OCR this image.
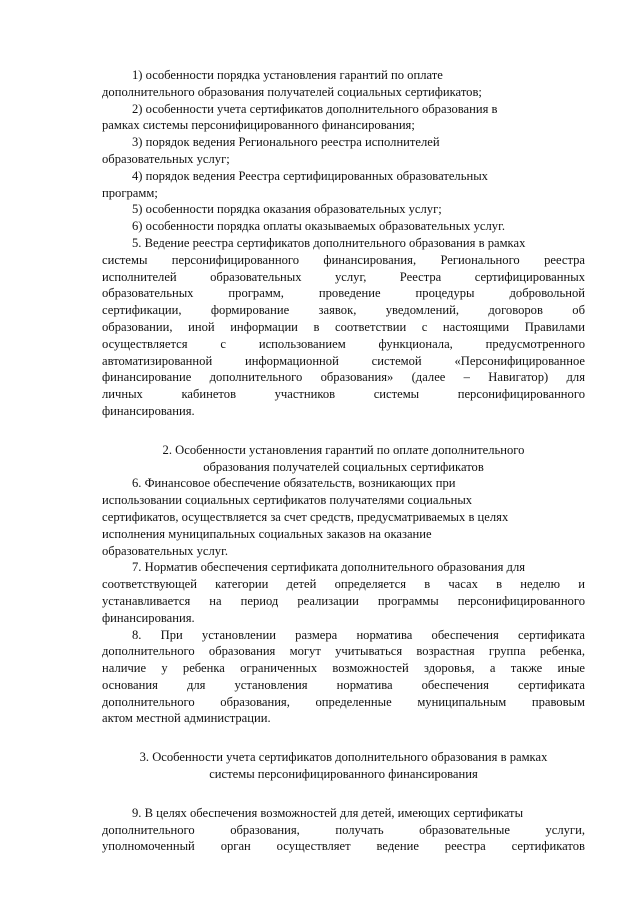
1) особенности порядка установления гарантий по оплате
дополнительного образования получателей социальных сертификатов;
2) особенности учета сертификатов дополнительного образования в
рамках системы персонифицированного финансирования;
3) порядок ведения Регионального реестра исполнителей
образовательных услуг;
4) порядок ведения Реестра сертифицированных образовательных
программ;
5) особенности порядка оказания образовательных услуг;
6) особенности порядка оплаты оказываемых образовательных услуг.
5. Ведение реестра сертификатов дополнительного образования в рамках
системы персонифицированного финансирования, Регионального реестра
исполнителей образовательных услуг, Реестра сертифицированных
образовательных программ, проведение процедуры добровольной
сертификации, формирование заявок, уведомлений, договоров об
образовании, иной информации в соответствии с настоящими Правилами
осуществляется с использованием функционала, предусмотренного
автоматизированной информационной системой «Персонифицированное
финансирование дополнительного образования» (далее – Навигатор) для
личных кабинетов участников системы персонифицированного
финансирования.
2. Особенности установления гарантий по оплате дополнительного
образования получателей социальных сертификатов
6. Финансовое обеспечение обязательств, возникающих при
использовании социальных сертификатов получателями социальных
сертификатов, осуществляется за счет средств, предусматриваемых в целях
исполнения муниципальных социальных заказов на оказание
образовательных услуг.
7. Норматив обеспечения сертификата дополнительного образования для
соответствующей категории детей определяется в часах в неделю и
устанавливается на период реализации программы персонифицированного
финансирования.
8. При установлении размера норматива обеспечения сертификата
дополнительного образования могут учитываться возрастная группа ребенка,
наличие у ребенка ограниченных возможностей здоровья, а также иные
основания для установления норматива обеспечения сертификата
дополнительного образования, определенные муниципальным правовым
актом местной администрации.
3. Особенности учета сертификатов дополнительного образования в рамках
системы персонифицированного финансирования
9. В целях обеспечения возможностей для детей, имеющих сертификаты
дополнительного образования, получать образовательные услуги,
уполномоченный орган осуществляет ведение реестра сертификатов
